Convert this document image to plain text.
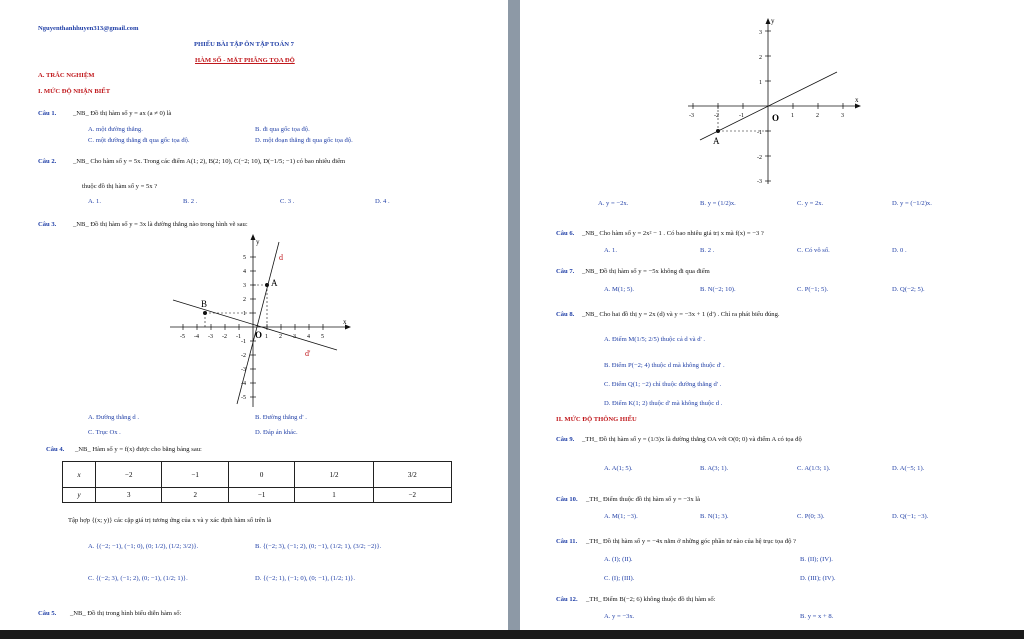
Nguyenthanhhuyen313@gmail.com
PHIẾU BÀI TẬP ÔN TẬP TOÁN 7
HÀM SỐ - MẶT PHẲNG TỌA ĐỘ
A. TRẮC NGHIỆM
I. MỨC ĐỘ NHẬN BIẾT
Câu 1.	_NB_ Đồ thị hàm số y = ax (a ≠ 0) là
A. một đường thẳng.	B. đi qua gốc tọa độ.
C. một đường thẳng đi qua gốc tọa độ.	D. một đoạn thẳng đi qua gốc tọa độ.
Câu 2.	_NB_ Cho hàm số y = 5x. Trong các điểm A(1; 2), B(2; 10), C(−2; 10), D(−1/5; −1) có bao nhiêu điểm
thuộc đồ thị hàm số y = 5x ?
A. 1.	B. 2 .	C. 3 .	D. 4 .
Câu 3.	_NB_ Đồ thị hàm số y = 3x là đường thẳng nào trong hình vẽ sau:
y
x
O
d
d'
A
B
-5 -4 -3 -2 -1	1 2 3 4 5
5
4
3
2
1
-1
-2
-3
-4
-5
A. Đường thẳng d .	B. Đường thẳng d' .
C. Trục Ox .	D. Đáp án khác.
Câu 4. _NB_ Hàm số y = f(x) được cho bằng bảng sau:
x	−2	−1	0	1/2	3/2
y	3	2	−1	1	−2
Tập hợp {(x; y)} các cặp giá trị tương ứng của x và y xác định hàm số trên là
A. {(−2; −1), (−1; 0), (0; 1/2), (1/2; 3/2)}.	B. {(−2; 3), (−1; 2), (0; −1), (1/2; 1), (3/2; −2)}.
C. {(−2; 3), (−1; 2), (0; −1), (1/2; 1)}.	D. {(−2; 1), (−1; 0), (0; −1), (1/2; 1)}.
Câu 5. _NB_ Đồ thị trong hình biểu diễn hàm số:
y
x
O
A
-3	-2	-1	1	2	3
3
2
1
-1
-2
-3
A. y = −2x.	B. y = (1/2)x.	C. y = 2x.	D. y = (−1/2)x.
Câu 6. _NB_ Cho hàm số y = 2x² − 1 . Có bao nhiêu giá trị x mà f(x) = −3 ?
A. 1.	B. 2 .	C. Có vô số.	D. 0 .
Câu 7. _NB_ Đồ thị hàm số y = −5x không đi qua điểm
A. M(1; 5).	B. N(−2; 10).	C. P(−1; 5).	D. Q(−2; 5).
Câu 8. _NB_ Cho hai đồ thị y = 2x (d) và y = −3x + 1 (d') . Chỉ ra phát biểu đúng.
A. Điểm M(1/5; 2/5) thuộc cả d và d' .
B. Điểm P(−2; 4) thuộc d mà không thuộc d' .
C. Điểm Q(1; −2) chỉ thuộc đường thẳng d' .
D. Điểm K(1; 2) thuộc d' mà không thuộc d .
II. MỨC ĐỘ THÔNG HIỂU
Câu 9. _TH_ Đồ thị hàm số y = (1/3)x là đường thẳng OA với O(0; 0) và điểm A có tọa độ
A. A(1; 5).	B. A(3; 1).	C. A(1/3; 1).	D. A(−5; 1).
Câu 10. _TH_ Điểm thuộc đồ thị hàm số y = −3x là
A. M(1; −3).	B. N(1; 3).	C. P(0; 3).	D. Q(−1; −3).
Câu 11. _TH_ Đồ thị hàm số y = −4x nằm ở những góc phần tư nào của hệ trục tọa độ ?
A. (I); (II).	B. (II); (IV).
C. (I); (III).	D. (III); (IV).
Câu 12. _TH_ Điểm B(−2; 6) không thuộc đồ thị hàm số:
A. y = −3x.	B. y = x + 8.
